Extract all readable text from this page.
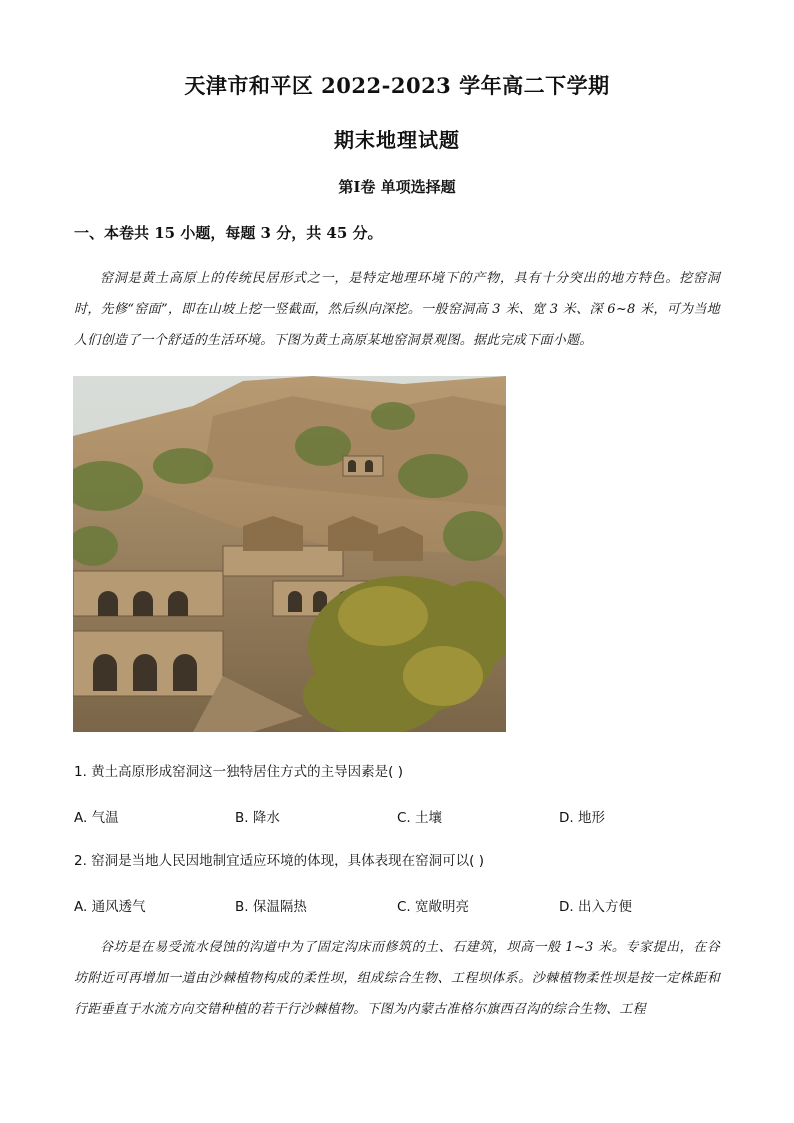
天津市和平区 2022-2023 学年高二下学期
期末地理试题
第Ⅰ卷 单项选择题
一、本卷共 15 小题，每题 3 分，共 45 分。
窑洞是黄土高原上的传统民居形式之一，是特定地理环境下的产物，具有十分突出的地方特色。挖窑洞时，先修“窑面”，即在山坡上挖一竖截面，然后纵向深挖。一般窑洞高 3 米、宽 3 米、深 6~8 米，可为当地人们创造了一个舒适的生活环境。下图为黄土高原某地窑洞景观图。据此完成下面小题。
1. 黄土高原形成窑洞这一独特居住方式的主导因素是( )
A. 气温	B. 降水	C. 土壤	D. 地形
2. 窑洞是当地人民因地制宜适应环境的体现，具体表现在窑洞可以( )
A. 通风透气	B. 保温隔热	C. 宽敞明亮	D. 出入方便
谷坊是在易受流水侵蚀的沟道中为了固定沟床而修筑的土、石建筑，坝高一般 1~3 米。专家提出，在谷坊附近可再增加一道由沙棘植物构成的柔性坝，组成综合生物、工程坝体系。沙棘植物柔性坝是按一定株距和行距垂直于水流方向交错种植的若干行沙棘植物。下图为内蒙古准格尔旗西召沟的综合生物、工程
